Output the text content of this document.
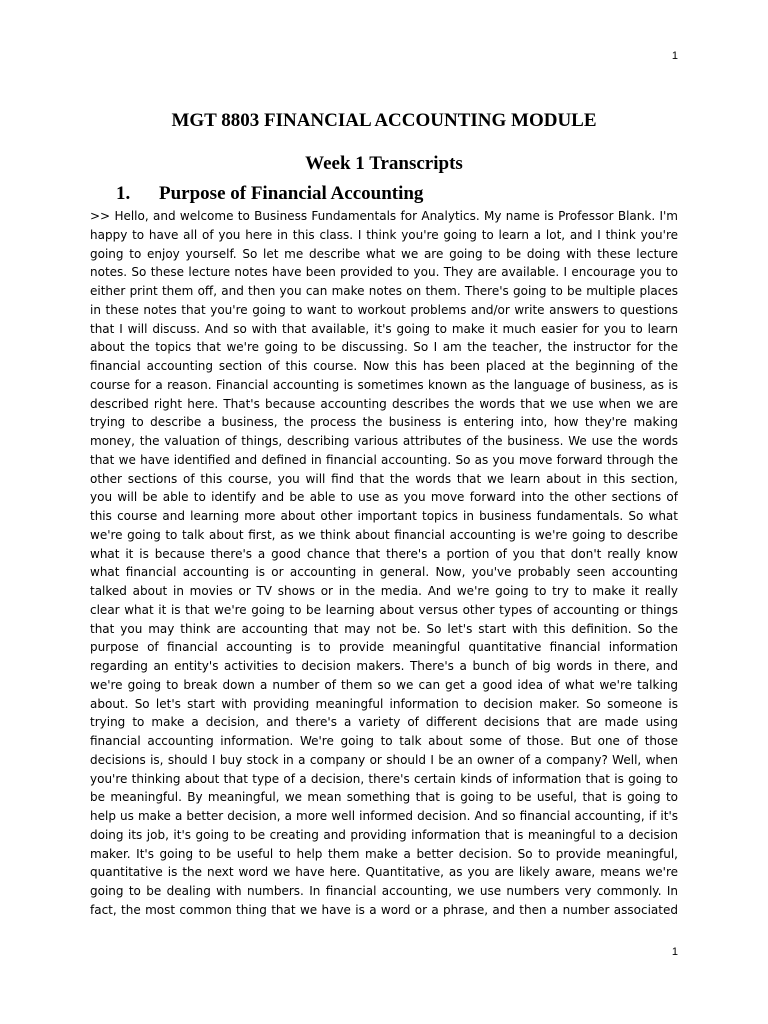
1
MGT 8803 FINANCIAL ACCOUNTING MODULE
Week 1 Transcripts
1. Purpose of Financial Accounting
>> Hello, and welcome to Business Fundamentals for Analytics. My name is Professor Blank. I'm
happy to have all of you here in this class. I think you're going to learn a lot, and I think you're
going to enjoy yourself. So let me describe what we are going to be doing with these lecture
notes. So these lecture notes have been provided to you. They are available. I encourage you to
either print them off, and then you can make notes on them. There's going to be multiple places
in these notes that you're going to want to workout problems and/or write answers to questions
that I will discuss. And so with that available, it's going to make it much easier for you to learn
about the topics that we're going to be discussing. So I am the teacher, the instructor for the
financial accounting section of this course. Now this has been placed at the beginning of the
course for a reason. Financial accounting is sometimes known as the language of business, as is
described right here. That's because accounting describes the words that we use when we are
trying to describe a business, the process the business is entering into, how they're making
money, the valuation of things, describing various attributes of the business. We use the words
that we have identified and defined in financial accounting. So as you move forward through the
other sections of this course, you will find that the words that we learn about in this section,
you will be able to identify and be able to use as you move forward into the other sections of
this course and learning more about other important topics in business fundamentals. So what
we're going to talk about first, as we think about financial accounting is we're going to describe
what it is because there's a good chance that there's a portion of you that don't really know
what financial accounting is or accounting in general. Now, you've probably seen accounting
talked about in movies or TV shows or in the media. And we're going to try to make it really
clear what it is that we're going to be learning about versus other types of accounting or things
that you may think are accounting that may not be. So let's start with this definition. So the
purpose of financial accounting is to provide meaningful quantitative financial information
regarding an entity's activities to decision makers. There's a bunch of big words in there, and
we're going to break down a number of them so we can get a good idea of what we're talking
about. So let's start with providing meaningful information to decision maker. So someone is
trying to make a decision, and there's a variety of different decisions that are made using
financial accounting information. We're going to talk about some of those. But one of those
decisions is, should I buy stock in a company or should I be an owner of a company? Well, when
you're thinking about that type of a decision, there's certain kinds of information that is going to
be meaningful. By meaningful, we mean something that is going to be useful, that is going to
help us make a better decision, a more well informed decision. And so financial accounting, if it's
doing its job, it's going to be creating and providing information that is meaningful to a decision
maker. It's going to be useful to help them make a better decision. So to provide meaningful,
quantitative is the next word we have here. Quantitative, as you are likely aware, means we're
going to be dealing with numbers. In financial accounting, we use numbers very commonly. In
fact, the most common thing that we have is a word or a phrase, and then a number associated
1
